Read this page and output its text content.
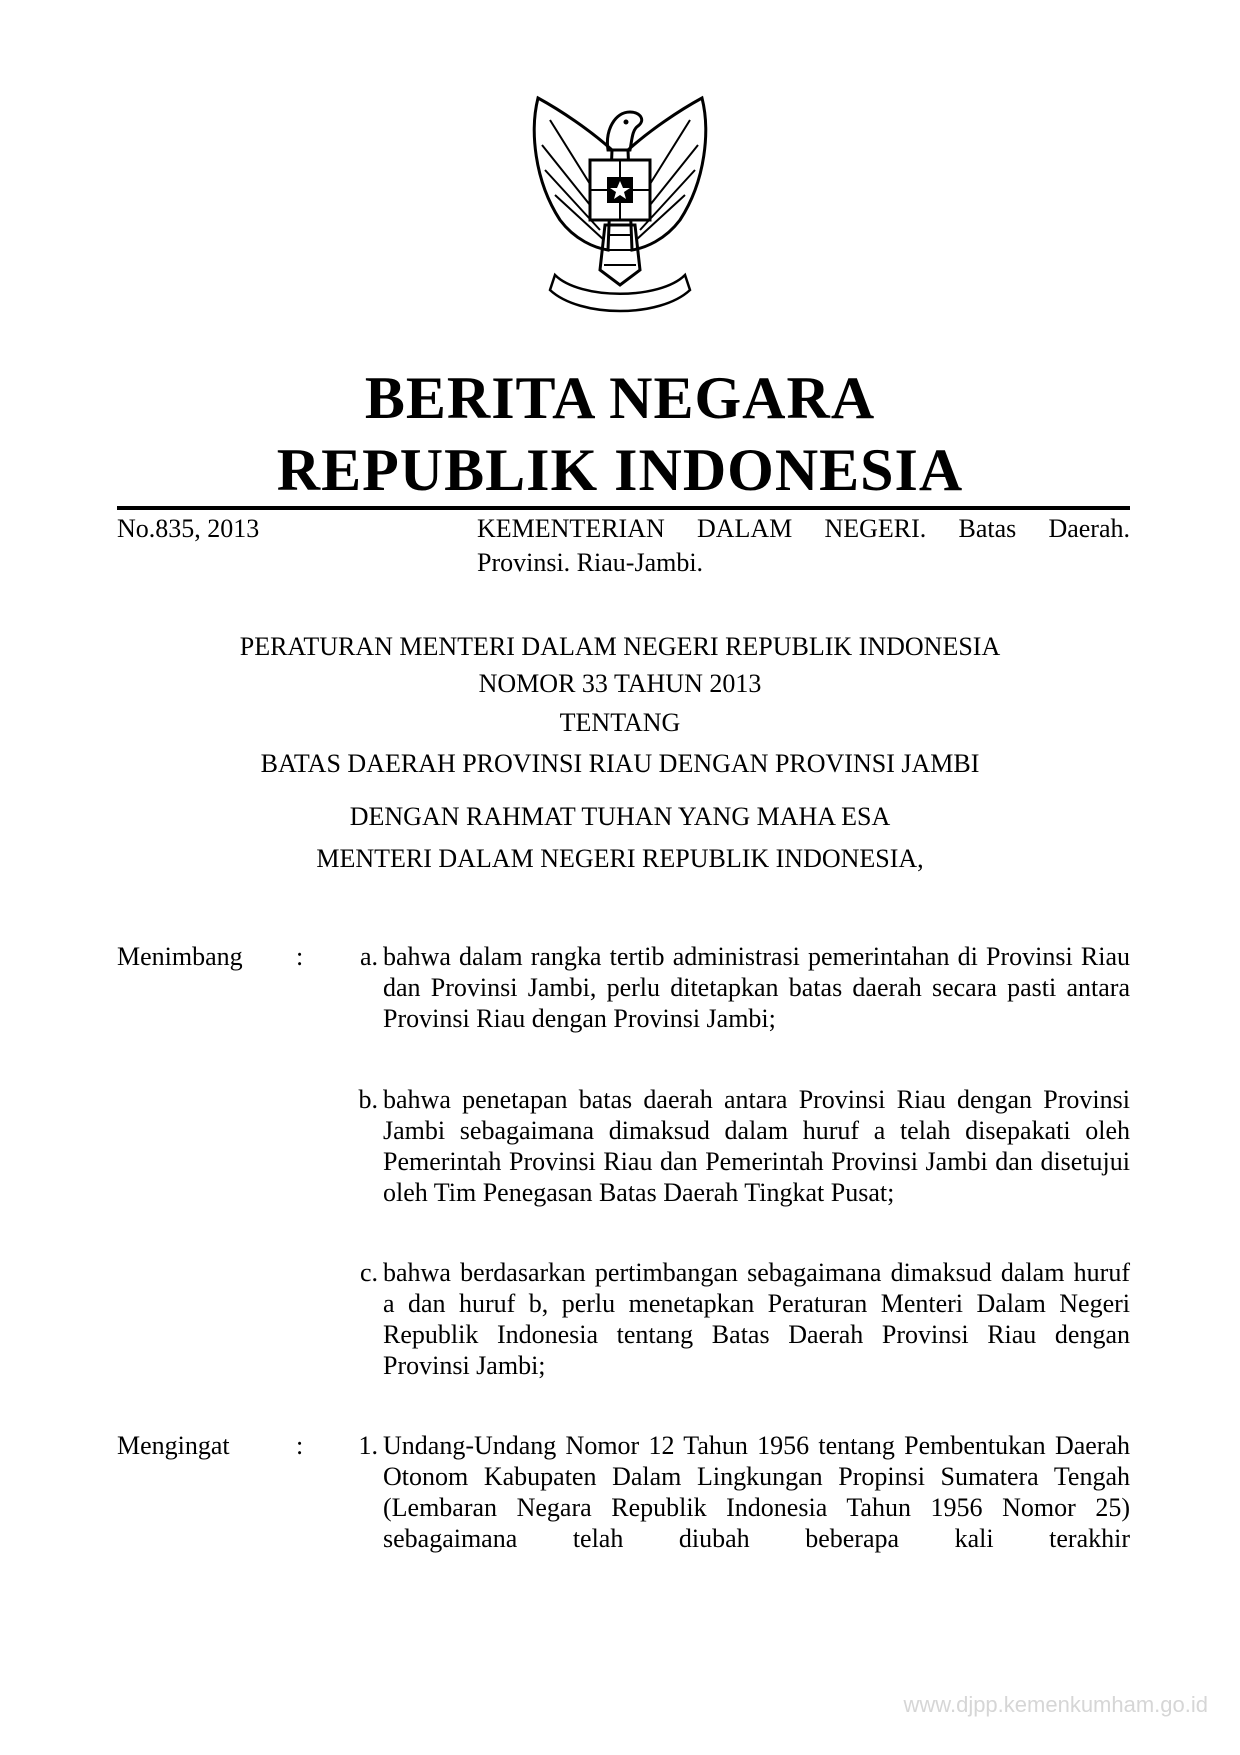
BERITA NEGARA
REPUBLIK INDONESIA
No.835, 2013	KEMENTERIAN DALAM NEGERI. Batas Daerah.
Provinsi. Riau-Jambi.
PERATURAN MENTERI DALAM NEGERI REPUBLIK INDONESIA
NOMOR 33 TAHUN 2013
TENTANG
BATAS DAERAH PROVINSI RIAU DENGAN PROVINSI JAMBI
DENGAN RAHMAT TUHAN YANG MAHA ESA
MENTERI DALAM NEGERI REPUBLIK INDONESIA,
Menimbang :	a. bahwa dalam rangka tertib administrasi pemerintahan di Provinsi Riau dan Provinsi Jambi, perlu ditetapkan batas daerah secara pasti antara Provinsi Riau dengan Provinsi Jambi;
b. bahwa penetapan batas daerah antara Provinsi Riau dengan Provinsi Jambi sebagaimana dimaksud dalam huruf a telah disepakati oleh Pemerintah Provinsi Riau dan Pemerintah Provinsi Jambi dan disetujui oleh Tim Penegasan Batas Daerah Tingkat Pusat;
c. bahwa berdasarkan pertimbangan sebagaimana dimaksud dalam huruf a dan huruf b, perlu menetapkan Peraturan Menteri Dalam Negeri Republik Indonesia tentang Batas Daerah Provinsi Riau dengan Provinsi Jambi;
Mengingat	:	1. Undang-Undang Nomor 12 Tahun 1956 tentang Pembentukan Daerah Otonom Kabupaten Dalam Lingkungan Propinsi Sumatera Tengah (Lembaran Negara Republik Indonesia Tahun 1956 Nomor 25) sebagaimana telah diubah beberapa kali terakhir
www.djpp.kemenkumham.go.id
